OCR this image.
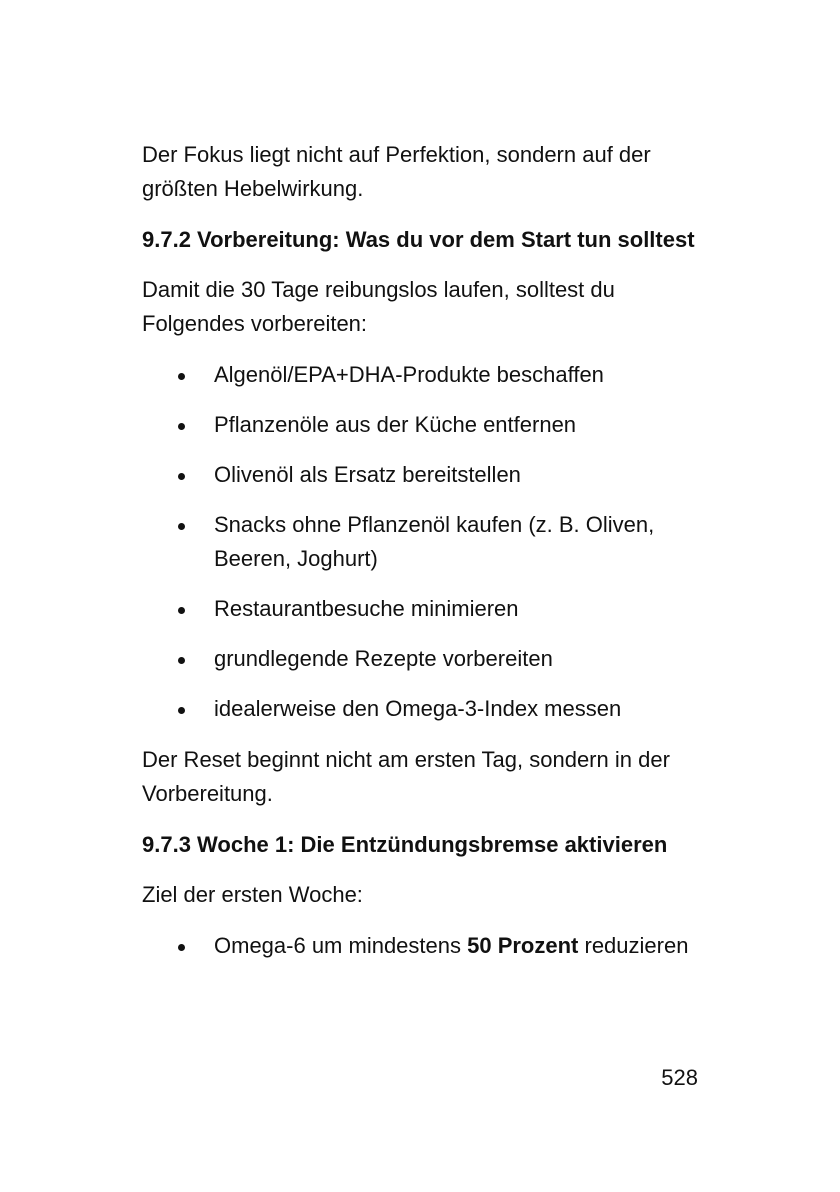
Der Fokus liegt nicht auf Perfektion, sondern auf der größten Hebelwirkung.

9.7.2 Vorbereitung: Was du vor dem Start tun solltest

Damit die 30 Tage reibungslos laufen, solltest du Folgendes vorbereiten:

Algenöl/EPA+DHA-Produkte beschaffen
Pflanzenöle aus der Küche entfernen
Olivenöl als Ersatz bereitstellen
Snacks ohne Pflanzenöl kaufen (z. B. Oliven, Beeren, Joghurt)
Restaurantbesuche minimieren
grundlegende Rezepte vorbereiten
idealerweise den Omega-3-Index messen

Der Reset beginnt nicht am ersten Tag, sondern in der Vorbereitung.

9.7.3 Woche 1: Die Entzündungsbremse aktivieren

Ziel der ersten Woche:

Omega-6 um mindestens 50 Prozent reduzieren
528
